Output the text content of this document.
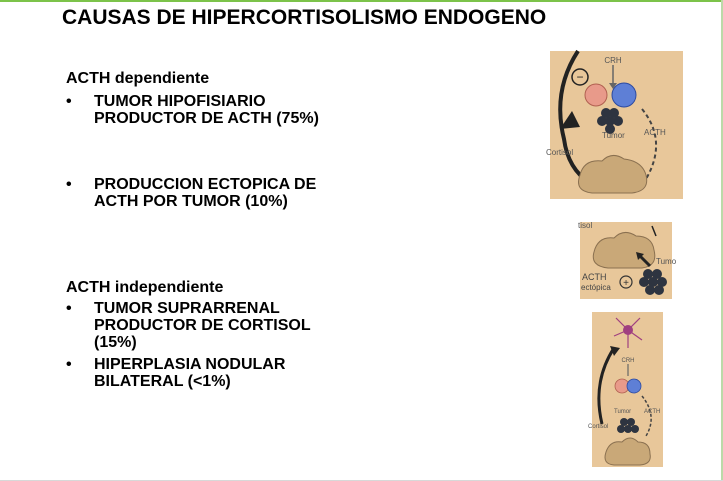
CAUSAS DE HIPERCORTISOLISMO ENDOGENO
ACTH dependiente
•	TUMOR HIPOFISIARIO
PRODUCTOR DE ACTH (75%)
•	PRODUCCION ECTOPICA DE
ACTH POR TUMOR (10%)
ACTH independiente
•	TUMOR SUPRARRENAL
PRODUCTOR DE CORTISOL
(15%)
•	HIPERPLASIA NODULAR
BILATERAL (<1%)
CRH
−
Tumor ACTH
Cortisol
tisol
Tumo
ACTH
ectópica +
CRH
Tumor ACTH
Cortisol
